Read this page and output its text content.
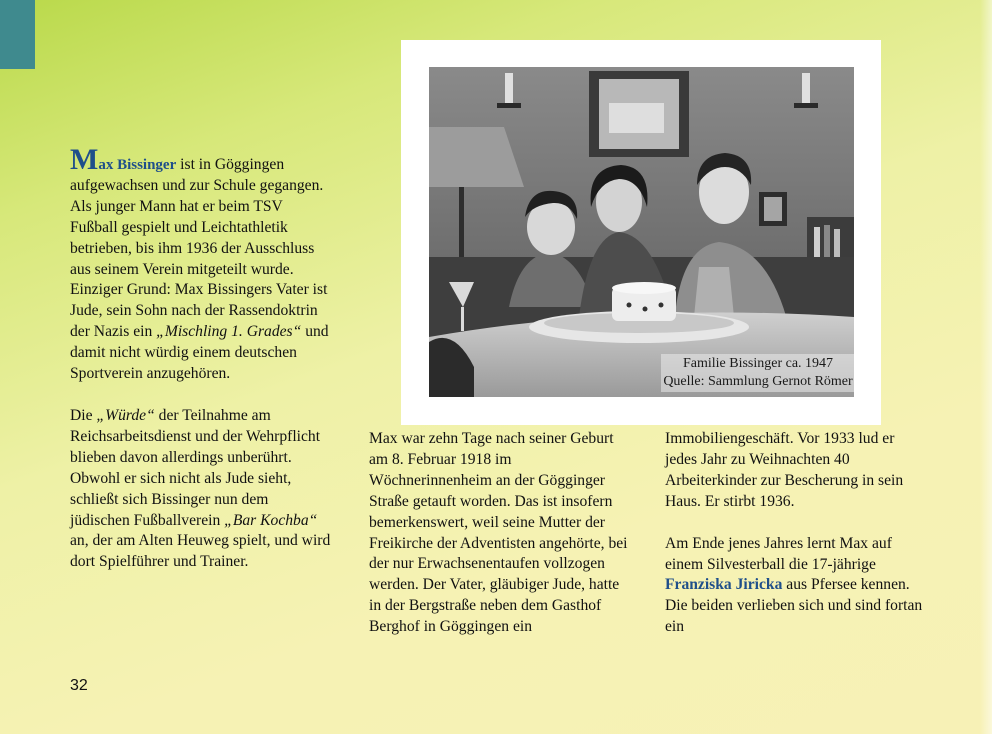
Max Bissinger ist in Göggingen aufgewachsen und zur Schule gegangen. Als junger Mann hat er beim TSV Fußball gespielt und Leichtathletik betrieben, bis ihm 1936 der Ausschluss aus seinem Verein mitgeteilt wurde. Einziger Grund: Max Bissingers Vater ist Jude, sein Sohn nach der Rassendoktrin der Nazis ein „Mischling 1. Grades“ und damit nicht würdig einem deutschen Sportverein anzugehören.

Die „Würde“ der Teilnahme am Reichsarbeitsdienst und der Wehrpflicht blieben davon allerdings unberührt. Obwohl er sich nicht als Jude sieht, schließt sich Bissinger nun dem jüdischen Fußballverein „Bar Kochba“ an, der am Alten Heuweg spielt, und wird dort Spielführer und Trainer.

Max war zehn Tage nach seiner Geburt am 8. Februar 1918 im Wöchnerinnenheim an der Gögginger Straße getauft worden. Das ist insofern bemerkenswert, weil seine Mutter der Freikirche der Adventisten angehörte, bei der nur Erwachsenentaufen vollzogen werden. Der Vater, gläubiger Jude, hatte in der Bergstraße neben dem Gasthof Berghof in Göggingen ein

Immobiliengeschäft. Vor 1933 lud er jedes Jahr zu Weihnachten 40 Arbeiterkinder zur Bescherung in sein Haus. Er stirbt 1936.

Am Ende jenes Jahres lernt Max auf einem Silvesterball die 17-jährige Franziska Jiricka aus Pfersee kennen. Die beiden verlieben sich und sind fortan ein

Familie Bissinger ca. 1947
Quelle: Sammlung Gernot Römer
32
